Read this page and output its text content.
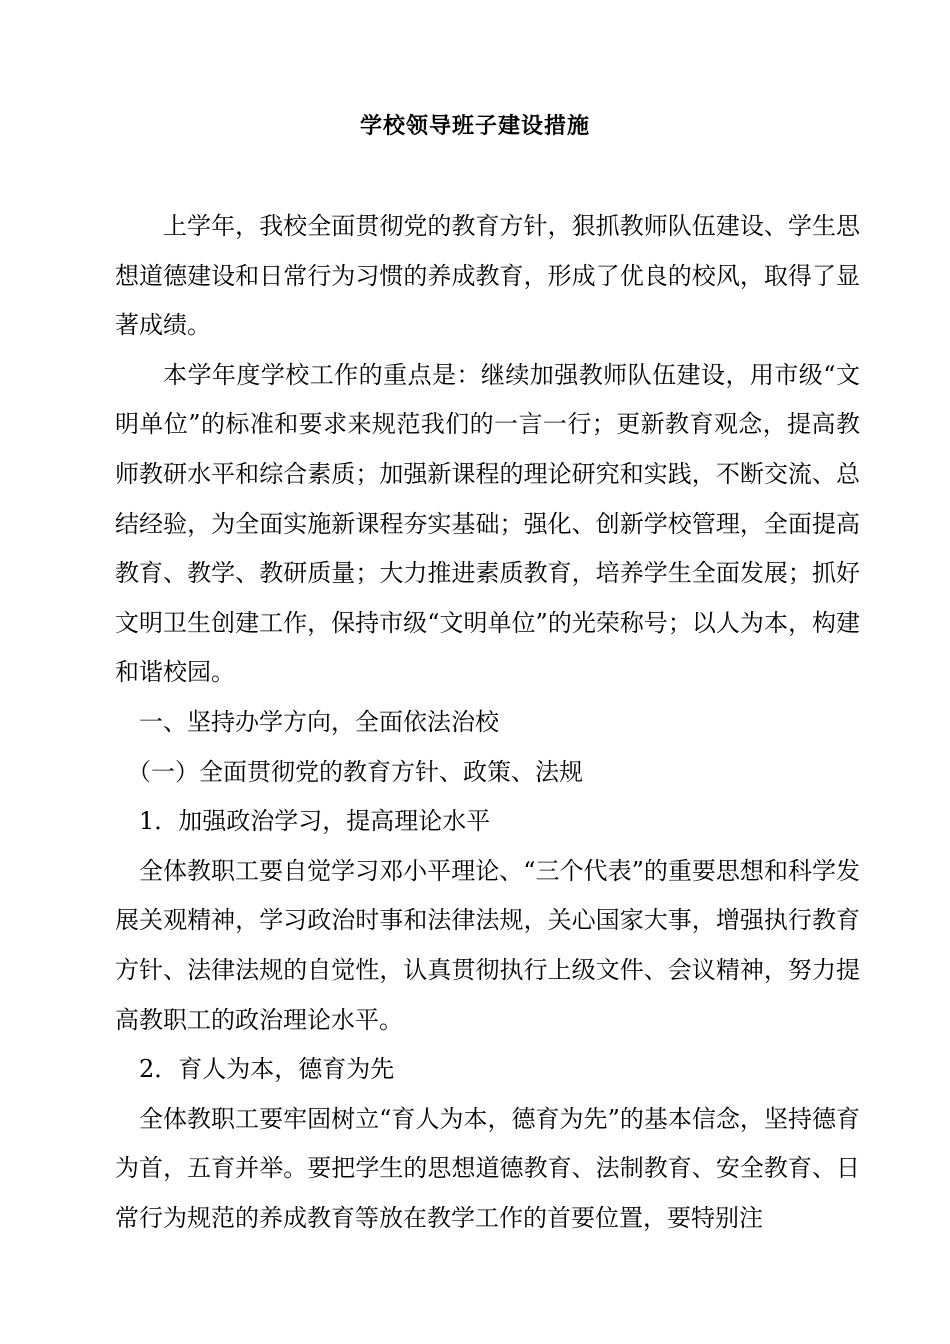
学校领导班子建设措施

上学年，我校全面贯彻党的教育方针，狠抓教师队伍建设、学生思想道德建设和日常行为习惯的养成教育，形成了优良的校风，取得了显著成绩。

本学年度学校工作的重点是：继续加强教师队伍建设，用市级“文明单位”的标准和要求来规范我们的一言一行；更新教育观念，提高教师教研水平和综合素质；加强新课程的理论研究和实践，不断交流、总结经验，为全面实施新课程夯实基础；强化、创新学校管理，全面提高教育、教学、教研质量；大力推进素质教育，培养学生全面发展；抓好文明卫生创建工作，保持市级“文明单位”的光荣称号；以人为本，构建和谐校园。

一、坚持办学方向，全面依法治校

（一）全面贯彻党的教育方针、政策、法规

1．加强政治学习，提高理论水平

全体教职工要自觉学习邓小平理论、“三个代表”的重要思想和科学发展关观精神，学习政治时事和法律法规，关心国家大事，增强执行教育方针、法律法规的自觉性，认真贯彻执行上级文件、会议精神，努力提高教职工的政治理论水平。

2．育人为本，德育为先

全体教职工要牢固树立“育人为本，德育为先”的基本信念，坚持德育为首，五育并举。要把学生的思想道德教育、法制教育、安全教育、日常行为规范的养成教育等放在教学工作的首要位置，要特别注
